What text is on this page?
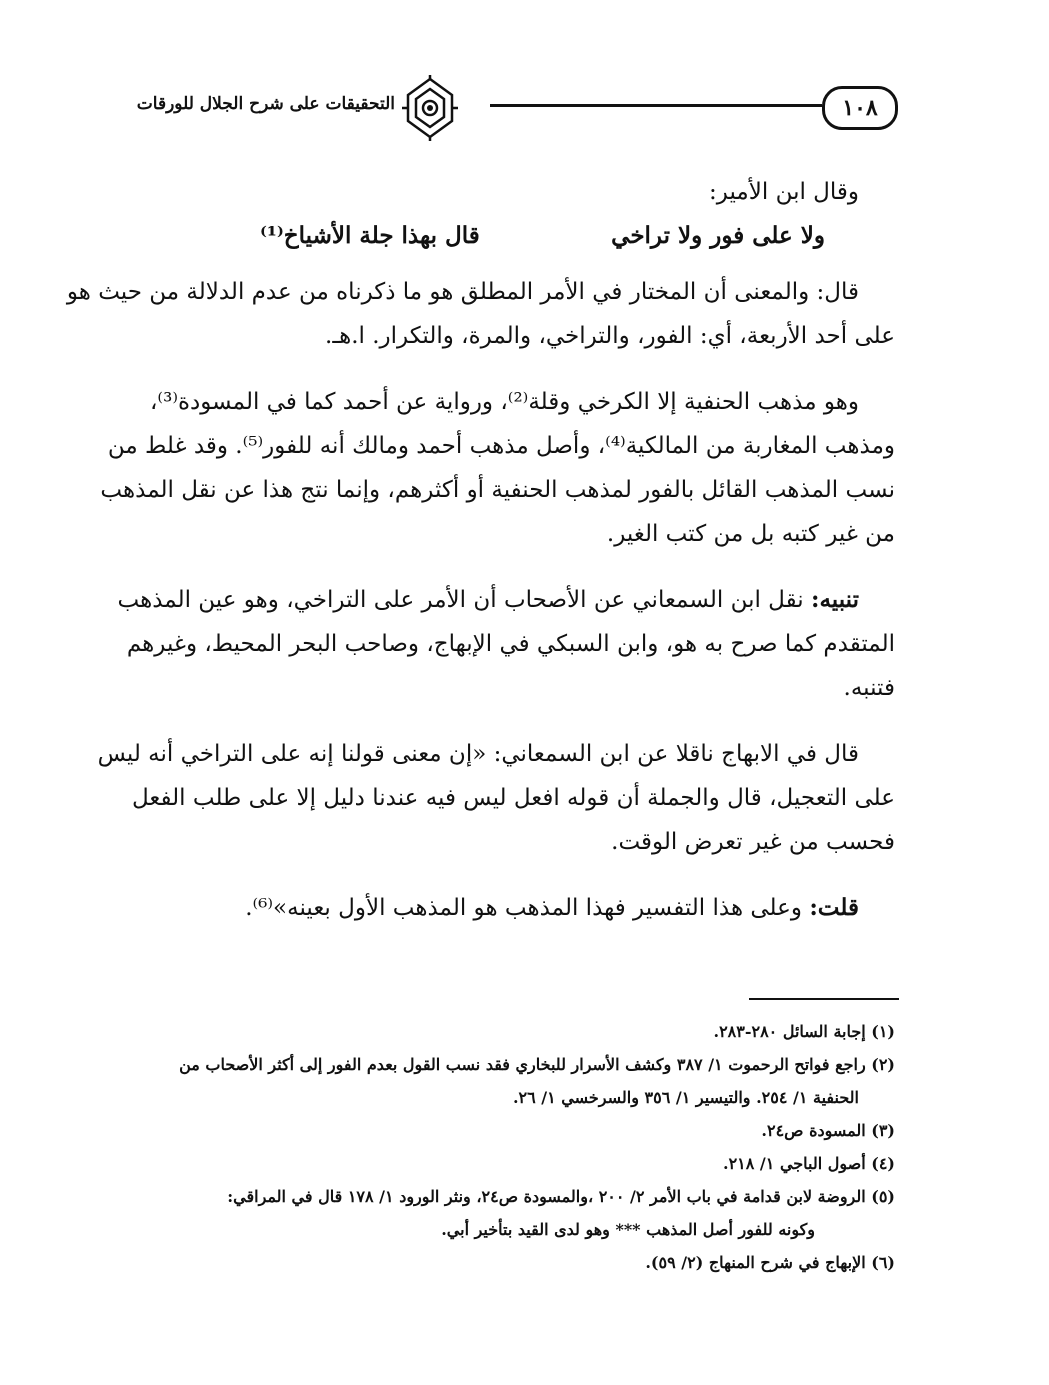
١٠٨
التحقيقات على شرح الجلال للورقات
وقال ابن الأمير:
ولا على فور ولا تراخي
قال بهذا جلة الأشياخ⁽¹⁾
قال: والمعنى أن المختار في الأمر المطلق هو ما ذكرناه من عدم الدلالة من حيث هو
على أحد الأربعة، أي: الفور، والتراخي، والمرة، والتكرار. ا.هـ.
وهو مذهب الحنفية إلا الكرخي وقلة⁽²⁾، ورواية عن أحمد كما في المسودة⁽³⁾،
ومذهب المغاربة من المالكية⁽⁴⁾، وأصل مذهب أحمد ومالك أنه للفور⁽⁵⁾. وقد غلط من
نسب المذهب القائل بالفور لمذهب الحنفية أو أكثرهم، وإنما نتج هذا عن نقل المذهب
من غير كتبه بل من كتب الغير.
تنبيه: نقل ابن السمعاني عن الأصحاب أن الأمر على التراخي، وهو عين المذهب
المتقدم كما صرح به هو، وابن السبكي في الإبهاج، وصاحب البحر المحيط، وغيرهم
فتنبه.
قال في الابهاج ناقلا عن ابن السمعاني: «إن معنى قولنا إنه على التراخي أنه ليس
على التعجيل، قال والجملة أن قوله افعل ليس فيه عندنا دليل إلا على طلب الفعل
فحسب من غير تعرض الوقت.
قلت: وعلى هذا التفسير فهذا المذهب هو المذهب الأول بعينه»⁽⁶⁾.
(١) إجابة السائل ٢٨٠-٢٨٣.
(٢) راجع فواتح الرحموت ١/ ٣٨٧ وكشف الأسرار للبخاري فقد نسب القول بعدم الفور إلى أكثر الأصحاب من
الحنفية ١/ ٢٥٤. والتيسير ١/ ٣٥٦ والسرخسي ١/ ٢٦.
(٣) المسودة ص٢٤.
(٤) أصول الباجي ١/ ٢١٨.
(٥) الروضة لابن قدامة في باب الأمر ٢/ ٢٠٠ ،والمسودة ص٢٤، ونثر الورود ١/ ١٧٨ قال في المراقي:
وكونه للفور أصل المذهب *** وهو لدى القيد بتأخير أبي.
(٦) الإبهاج في شرح المنهاج (٢/ ٥٩).
